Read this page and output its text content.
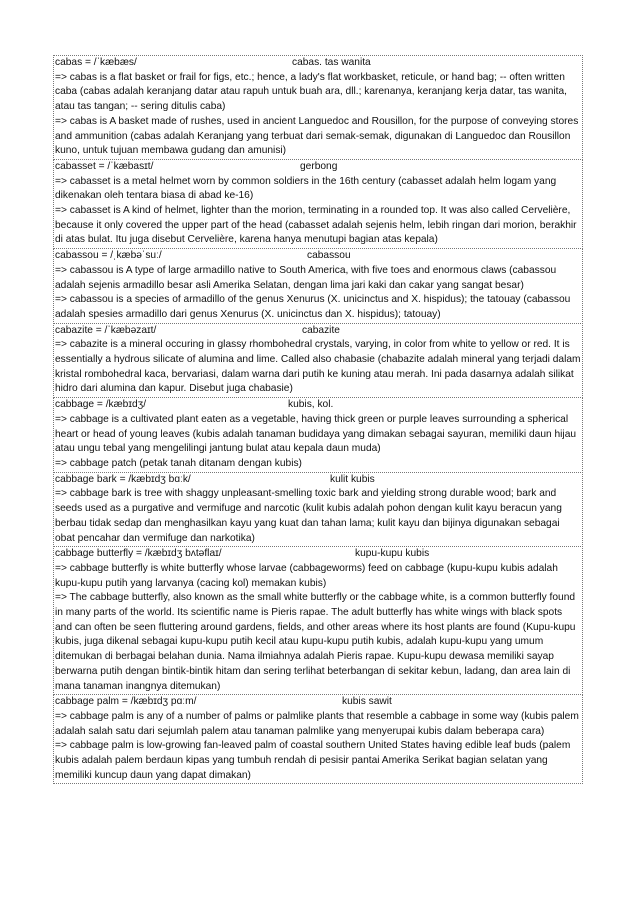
cabas = /ˈkæbæs/	cabas. tas wanita

=> cabas is a flat basket or frail for figs, etc.; hence, a lady's flat workbasket, reticule, or hand bag; -- often written caba (cabas adalah keranjang datar atau rapuh untuk buah ara, dll.; karenanya, keranjang kerja datar, tas wanita, atau tas tangan; -- sering ditulis caba)

=> cabas is A basket made of rushes, used in ancient Languedoc and Rousillon, for the purpose of conveying stores and ammunition (cabas adalah Keranjang yang terbuat dari semak-semak, digunakan di Languedoc dan Rousillon kuno, untuk tujuan membawa gudang dan amunisi)

cabasset = /ˈkæbasɪt/	gerbong

=> cabasset is a metal helmet worn by common soldiers in the 16th century (cabasset adalah helm logam yang dikenakan oleh tentara biasa di abad ke-16)

=> cabasset is A kind of helmet, lighter than the morion, terminating in a rounded top. It was also called Cervelière, because it only covered the upper part of the head (cabasset adalah sejenis helm, lebih ringan dari morion, berakhir di atas bulat. Itu juga disebut Cervelière, karena hanya menutupi bagian atas kepala)

cabassou = /ˌkæbəˈsuː/	cabassou

=> cabassou is A type of large armadillo native to South America, with five toes and enormous claws (cabassou adalah sejenis armadillo besar asli Amerika Selatan, dengan lima jari kaki dan cakar yang sangat besar)

=> cabassou is a species of armadillo of the genus Xenurus (X. unicinctus and X. hispidus); the tatouay (cabassou adalah spesies armadillo dari genus Xenurus (X. unicinctus dan X. hispidus); tatouay)

cabazite = /ˈkæbəzaɪt/	cabazite

=> cabazite is a mineral occuring in glassy rhombohedral crystals, varying, in color from white to yellow or red. It is essentially a hydrous silicate of alumina and lime. Called also chabasie (chabazite adalah mineral yang terjadi dalam kristal rombohedral kaca, bervariasi, dalam warna dari putih ke kuning atau merah. Ini pada dasarnya adalah silikat hidro dari alumina dan kapur. Disebut juga chabasie)

cabbage = /kæbɪdʒ/	kubis, kol.

=> cabbage is a cultivated plant eaten as a vegetable, having thick green or purple leaves surrounding a spherical heart or head of young leaves (kubis adalah tanaman budidaya yang dimakan sebagai sayuran, memiliki daun hijau atau ungu tebal yang mengelilingi jantung bulat atau kepala daun muda)

=> cabbage patch (petak tanah ditanam dengan kubis)

cabbage bark = /kæbɪdʒ bɑːk/	kulit kubis

=> cabbage bark is tree with shaggy unpleasant-smelling toxic bark and yielding strong durable wood; bark and seeds used as a purgative and vermifuge and narcotic (kulit kubis adalah pohon dengan kulit kayu beracun yang berbau tidak sedap dan menghasilkan kayu yang kuat dan tahan lama; kulit kayu dan bijinya digunakan sebagai obat pencahar dan vermifuge dan narkotika)

cabbage butterfly = /kæbɪdʒ bʌtəflaɪ/	kupu-kupu kubis

=> cabbage butterfly is white butterfly whose larvae (cabbageworms) feed on cabbage (kupu-kupu kubis adalah kupu-kupu putih yang larvanya (cacing kol) memakan kubis)

=> The cabbage butterfly, also known as the small white butterfly or the cabbage white, is a common butterfly found in many parts of the world. Its scientific name is Pieris rapae. The adult butterfly has white wings with black spots and can often be seen fluttering around gardens, fields, and other areas where its host plants are found (Kupu-kupu kubis, juga dikenal sebagai kupu-kupu putih kecil atau kupu-kupu putih kubis, adalah kupu-kupu yang umum ditemukan di berbagai belahan dunia. Nama ilmiahnya adalah Pieris rapae. Kupu-kupu dewasa memiliki sayap berwarna putih dengan bintik-bintik hitam dan sering terlihat beterbangan di sekitar kebun, ladang, dan area lain di mana tanaman inangnya ditemukan)

cabbage palm = /kæbɪdʒ pɑːm/	kubis sawit

=> cabbage palm is any of a number of palms or palmlike plants that resemble a cabbage in some way (kubis palem adalah salah satu dari sejumlah palem atau tanaman palmlike yang menyerupai kubis dalam beberapa cara)

=> cabbage palm is low-growing fan-leaved palm of coastal southern United States having edible leaf buds (palem kubis adalah palem berdaun kipas yang tumbuh rendah di pesisir pantai Amerika Serikat bagian selatan yang memiliki kuncup daun yang dapat dimakan)
